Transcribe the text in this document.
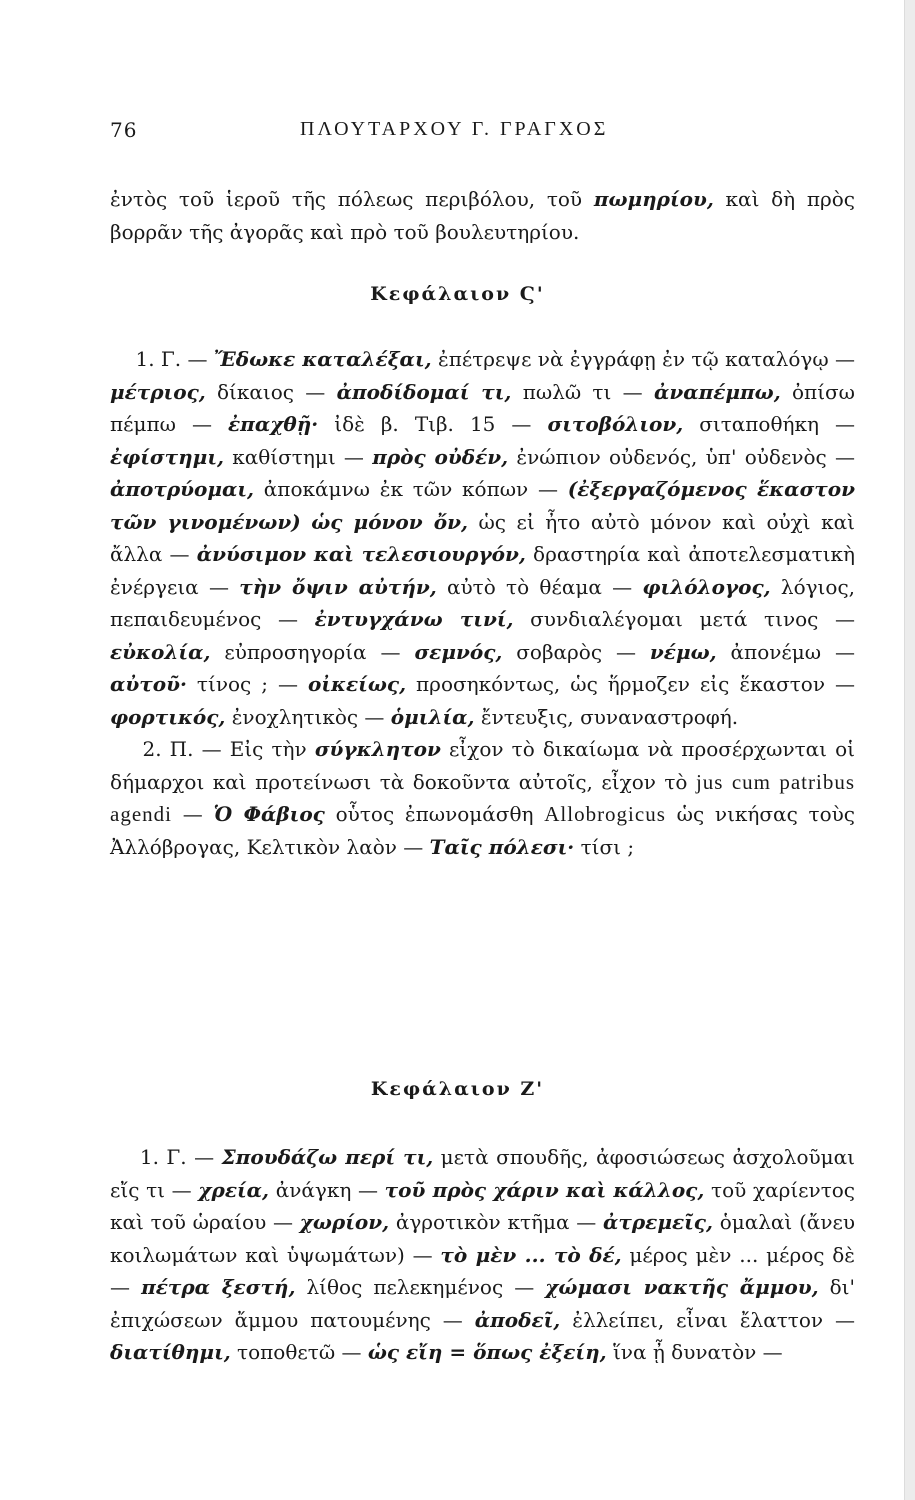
76	ΠΛΟΥΤΑΡΧΟΥ Γ. ΓΡΑΓΧΟΣ

ἐντὸς τοῦ ἱεροῦ τῆς πόλεως περιβόλου, τοῦ πωμηρίου, καὶ δὴ πρὸς βορρᾶν τῆς ἀγορᾶς καὶ πρὸ τοῦ βουλευτηρίου.

Κεφάλαιον Ϛ'

1. Γ. — Ἔδωκε καταλέξαι, ἐπέτρεψε νὰ ἐγγράφῃ ἐν τῷ καταλόγῳ — μέτριος, δίκαιος — ἀποδίδομαί τι, πωλῶ τι — ἀναπέμπω, ὀπίσω πέμπω — ἐπαχθῇ· ἰδὲ β. Τιβ. 15 — σιτοβόλιον, σιταποθήκη — ἐφίστημι, καθίστημι — πρὸς οὐδέν, ἐνώπιον οὐδενός, ὑπ' οὐδενὸς — ἀποτρύομαι, ἀποκάμνω ἐκ τῶν κόπων — (ἐξεργαζόμενος ἕκαστον τῶν γινομένων) ὡς μόνον ὄν, ὡς εἰ ἦτο αὐτὸ μόνον καὶ οὐχὶ καὶ ἄλλα — ἀνύσιμον καὶ τελεσιουργόν, δραστηρία καὶ ἀποτελεσματικὴ ἐνέργεια — τὴν ὄψιν αὐτήν, αὐτὸ τὸ θέαμα — φιλόλογος, λόγιος, πεπαιδευμένος — ἐντυγχάνω τινί, συνδιαλέγομαι μετά τινος — εὐκολία, εὐπροσηγορία — σεμνός, σοβαρὸς — νέμω, ἀπονέμω — αὐτοῦ· τίνος ; — οἰκείως, προσηκόντως, ὡς ἥρμοζεν εἰς ἕκαστον — φορτικός, ἐνοχλητικὸς — ὁμιλία, ἔντευξις, συναναστροφή.

2. Π. — Εἰς τὴν σύγκλητον εἶχον τὸ δικαίωμα νὰ προσέρχωνται οἱ δήμαρχοι καὶ προτείνωσι τὰ δοκοῦντα αὐτοῖς, εἶχον τὸ jus cum patribus agendi — Ὁ Φάβιος οὗτος ἐπωνομάσθη Allobrogicus ὡς νικήσας τοὺς Ἀλλόβρογας, Κελτικὸν λαὸν — Ταῖς πόλεσι· τίσι ;

Κεφάλαιον Ζ'

1. Γ. — Σπουδάζω περί τι, μετὰ σπουδῆς, ἀφοσιώσεως ἀσχολοῦμαι εἴς τι — χρεία, ἀνάγκη — τοῦ πρὸς χάριν καὶ κάλλος, τοῦ χαρίεντος καὶ τοῦ ὡραίου — χωρίον, ἀγροτικὸν κτῆμα — ἀτρεμεῖς, ὁμαλαὶ (ἄνευ κοιλωμάτων καὶ ὑψωμάτων) — τὸ μὲν ... τὸ δέ, μέρος μὲν ... μέρος δὲ — πέτρα ξεστή, λίθος πελεκημένος — χώμασι νακτῆς ἄμμου, δι' ἐπιχώσεων ἄμμου πατουμένης — ἀποδεῖ, ἐλλείπει, εἶναι ἔλαττον — διατίθημι, τοποθετῶ — ὡς εἴη = ὅπως ἐξείη, ἵνα ᾖ δυνατὸν —
